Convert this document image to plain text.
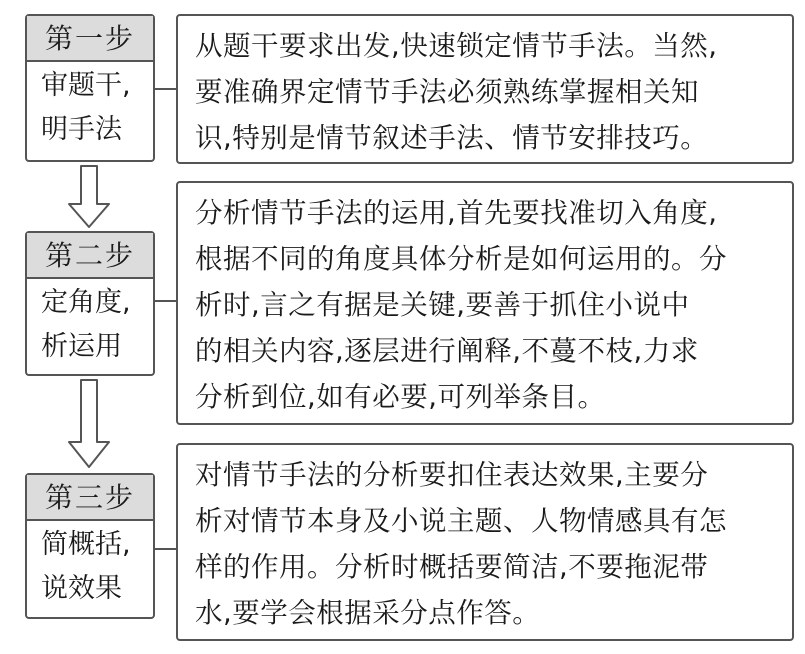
第一步
审题干,
明手法
从题干要求出发,快速锁定情节手法。当然,
要准确界定情节手法必须熟练掌握相关知
识,特别是情节叙述手法、情节安排技巧。
第二步
定角度,
析运用
分析情节手法的运用,首先要找准切入角度,
根据不同的角度具体分析是如何运用的。分
析时,言之有据是关键,要善于抓住小说中
的相关内容,逐层进行阐释,不蔓不枝,力求
分析到位,如有必要,可列举条目。
第三步
简概括,
说效果
对情节手法的分析要扣住表达效果,主要分
析对情节本身及小说主题、人物情感具有怎
样的作用。分析时概括要简洁,不要拖泥带
水,要学会根据采分点作答。
